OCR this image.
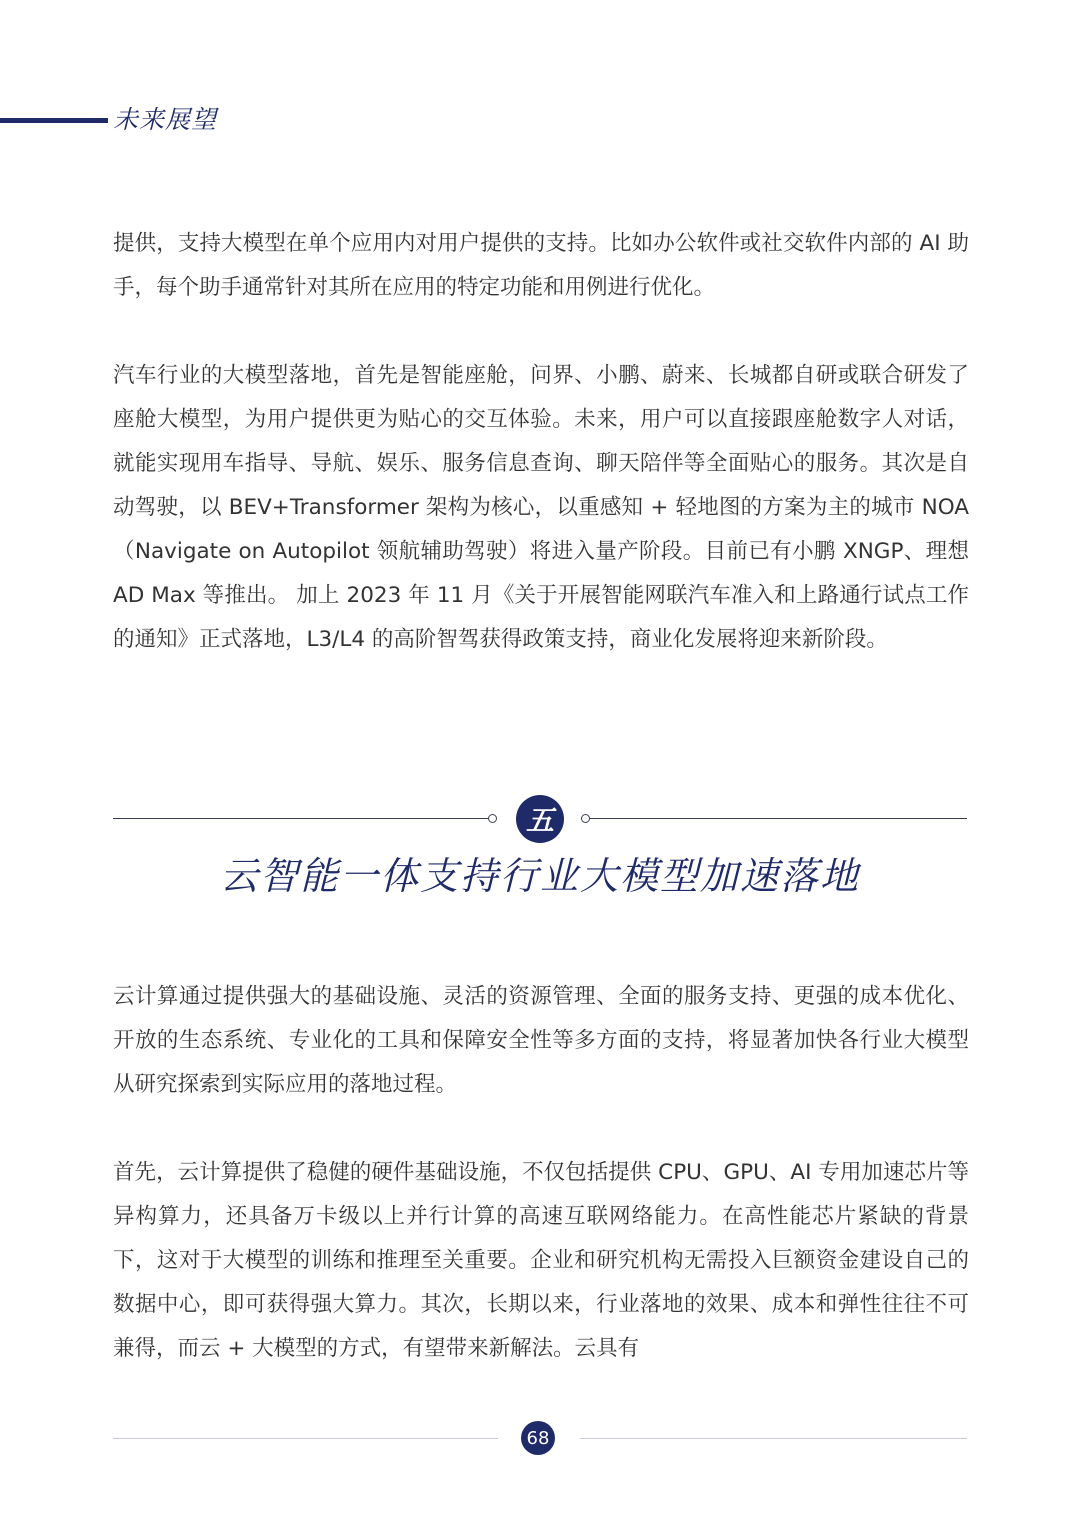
未来展望

提供，支持大模型在单个应用内对用户提供的支持。比如办公软件或社交软件内部的 AI 助手，每个助手通常针对其所在应用的特定功能和用例进行优化。

汽车行业的大模型落地，首先是智能座舱，问界、小鹏、蔚来、长城都自研或联合研发了座舱大模型，为用户提供更为贴心的交互体验。未来，用户可以直接跟座舱数字人对话，就能实现用车指导、导航、娱乐、服务信息查询、聊天陪伴等全面贴心的服务。其次是自动驾驶，以 BEV+Transformer 架构为核心，以重感知 + 轻地图的方案为主的城市 NOA（Navigate on Autopilot 领航辅助驾驶）将进入量产阶段。目前已有小鹏 XNGP、理想 AD Max 等推出。 加上 2023 年 11 月《关于开展智能网联汽车准入和上路通行试点工作的通知》正式落地，L3/L4 的高阶智驾获得政策支持，商业化发展将迎来新阶段。

五
云智能一体支持行业大模型加速落地

云计算通过提供强大的基础设施、灵活的资源管理、全面的服务支持、更强的成本优化、开放的生态系统、专业化的工具和保障安全性等多方面的支持，将显著加快各行业大模型从研究探索到实际应用的落地过程。

首先，云计算提供了稳健的硬件基础设施，不仅包括提供 CPU、GPU、AI 专用加速芯片等异构算力，还具备万卡级以上并行计算的高速互联网络能力。在高性能芯片紧缺的背景下，这对于大模型的训练和推理至关重要。企业和研究机构无需投入巨额资金建设自己的数据中心，即可获得强大算力。其次，长期以来，行业落地的效果、成本和弹性往往不可兼得，而云 + 大模型的方式，有望带来新解法。云具有

68
